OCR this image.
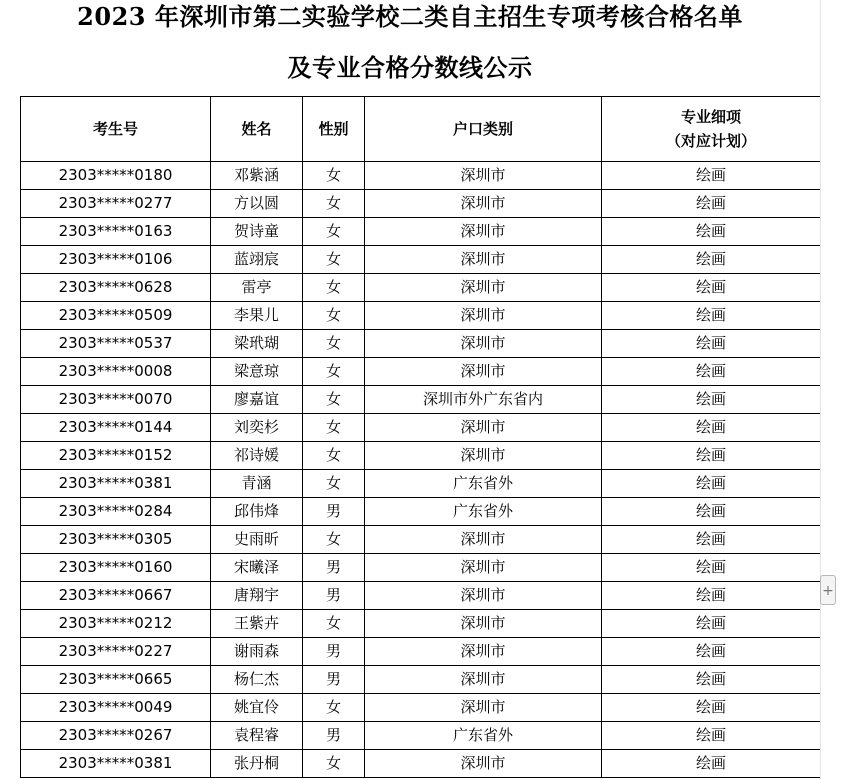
2023 年深圳市第二实验学校二类自主招生专项考核合格名单
及专业合格分数线公示
考生号	姓名	性别	户口类别	专业细项
（对应计划）

2303*****0180	邓紫涵	女	深圳市	绘画
2303*****0277	方以圆	女	深圳市	绘画
2303*****0163	贺诗童	女	深圳市	绘画
2303*****0106	蓝翊宸	女	深圳市	绘画
2303*****0628	雷亭	女	深圳市	绘画
2303*****0509	李果儿	女	深圳市	绘画
2303*****0537	梁玳瑚	女	深圳市	绘画
2303*****0008	梁意琼	女	深圳市	绘画
2303*****0070	廖嘉谊	女	深圳市外广东省内	绘画
2303*****0144	刘奕杉	女	深圳市	绘画
2303*****0152	祁诗媛	女	深圳市	绘画
2303*****0381	青涵	女	广东省外	绘画
2303*****0284	邱伟烽	男	广东省外	绘画
2303*****0305	史雨昕	女	深圳市	绘画
2303*****0160	宋曦泽	男	深圳市	绘画
2303*****0667	唐翔宇	男	深圳市	绘画
2303*****0212	王紫卉	女	深圳市	绘画
2303*****0227	谢雨森	男	深圳市	绘画
2303*****0665	杨仁杰	男	深圳市	绘画
2303*****0049	姚宜伶	女	深圳市	绘画
2303*****0267	袁程睿	男	广东省外	绘画
2303*****0381	张丹桐	女	深圳市	绘画
+
